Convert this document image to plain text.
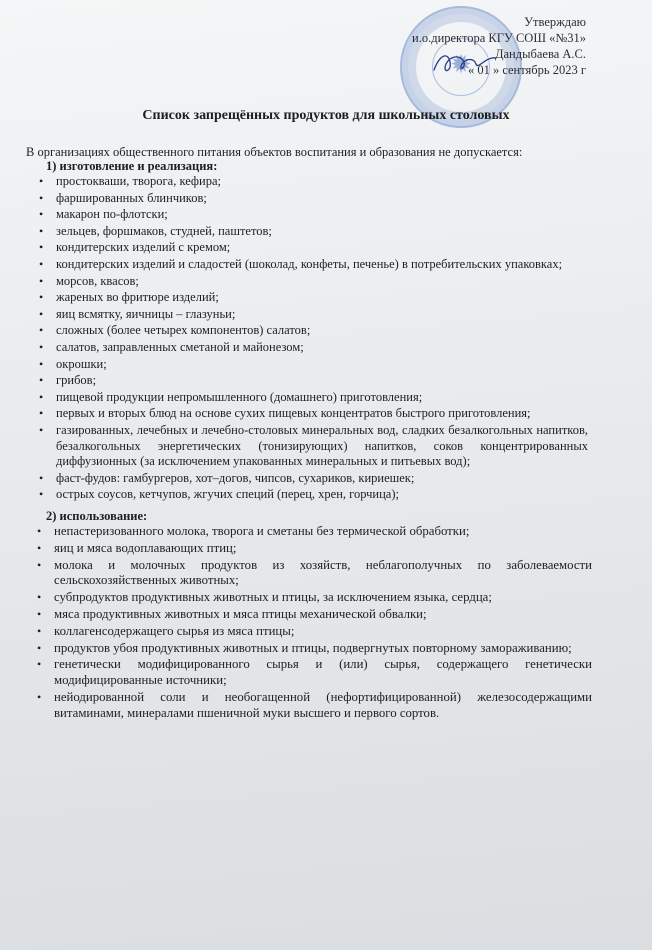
✹
Утверждаю
и.о.директора КГУ СОШ «№31»
Дандыбаева А.С.
« 01 » сентябрь 2023 г
Список запрещённых продуктов для школьных столовых
В организациях общественного питания объектов воспитания и образования не допускается:
1) изготовление и реализация:
• простокваши, творога, кефира;
• фаршированных блинчиков;
• макарон по-флотски;
• зельцев, форшмаков, студней, паштетов;
• кондитерских изделий с кремом;
• кондитерских изделий и сладостей (шоколад, конфеты, печенье) в потребительских упаковках;
• морсов, квасов;
• жареных во фритюре изделий;
• яиц всмятку, яичницы – глазуньи;
• сложных (более четырех компонентов) салатов;
• салатов, заправленных сметаной и майонезом;
• окрошки;
• грибов;
• пищевой продукции непромышленного (домашнего) приготовления;
• первых и вторых блюд на основе сухих пищевых концентратов быстрого приготовления;
• газированных, лечебных и лечебно-столовых минеральных вод, сладких безалкогольных напитков, безалкогольных энергетических (тонизирующих) напитков, соков концентрированных диффузионных (за исключением упакованных минеральных и питьевых вод);
• фаст-фудов: гамбургеров, хот–догов, чипсов, сухариков, кириешек;
• острых соусов, кетчупов, жгучих специй (перец, хрен, горчица);
2) использование:
• непастеризованного молока, творога и сметаны без термической обработки;
• яиц и мяса водоплавающих птиц;
• молока и молочных продуктов из хозяйств, неблагополучных по заболеваемости сельскохозяйственных животных;
• субпродуктов продуктивных животных и птицы, за исключением языка, сердца;
• мяса продуктивных животных и мяса птицы механической обвалки;
• коллагенсодержащего сырья из мяса птицы;
• продуктов убоя продуктивных животных и птицы, подвергнутых повторному замораживанию;
• генетически модифицированного сырья и (или) сырья, содержащего генетически модифицированные источники;
• нейодированной соли и необогащенной (нефортифицированной) железосодержащими витаминами, минералами пшеничной муки высшего и первого сортов.
